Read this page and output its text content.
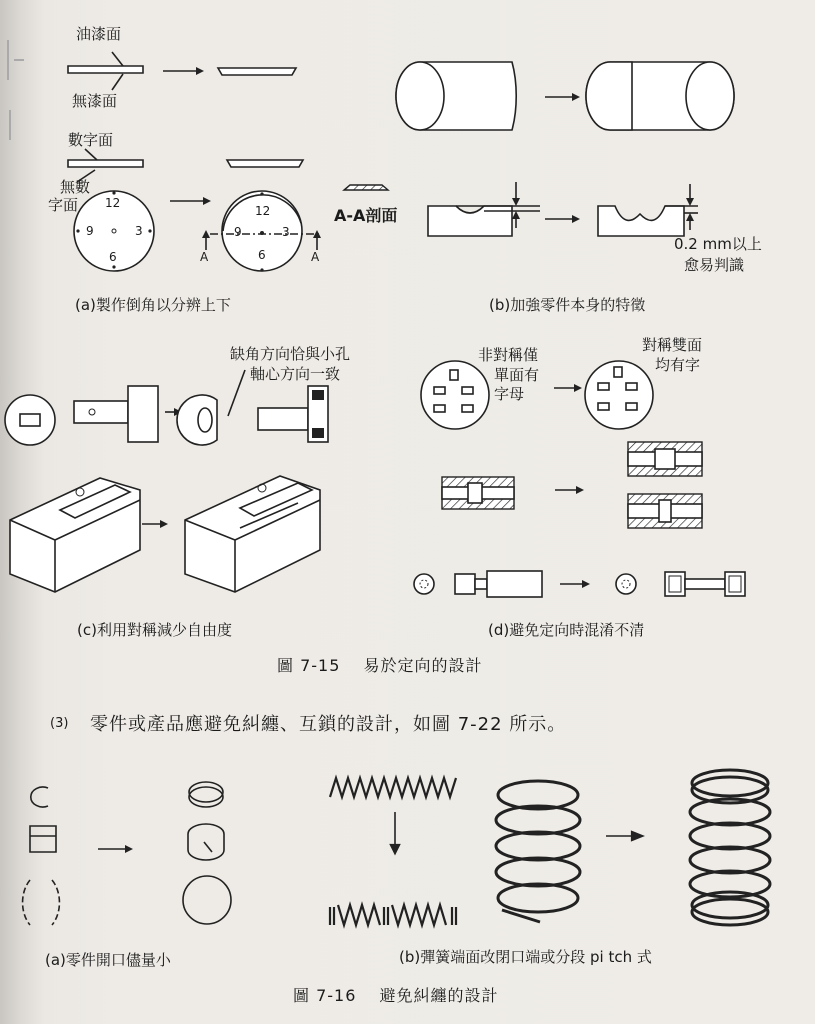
油漆面
無漆面
數字面
無數
字面 12
3
6
9
12
3
6
9
A	A
A-A剖面
(a)製作倒角以分辨上下
0.2 mm以上
愈易判識
(b)加強零件本身的特徵
缺角方向恰與小孔
軸心方向一致
(c)利用對稱減少自由度
非對稱僅
單面有
字母
對稱雙面
均有字
(d)避免定向時混淆不清
圖 7-15　 易於定向的設計
(3) 零件或產品應避免糾纏、互鎖的設計，如圖 7-22 所示。
(a)零件開口儘量小	(b)彈簧端面改閉口端或分段 pi tch 式
圖 7-16　 避免糾纏的設計
